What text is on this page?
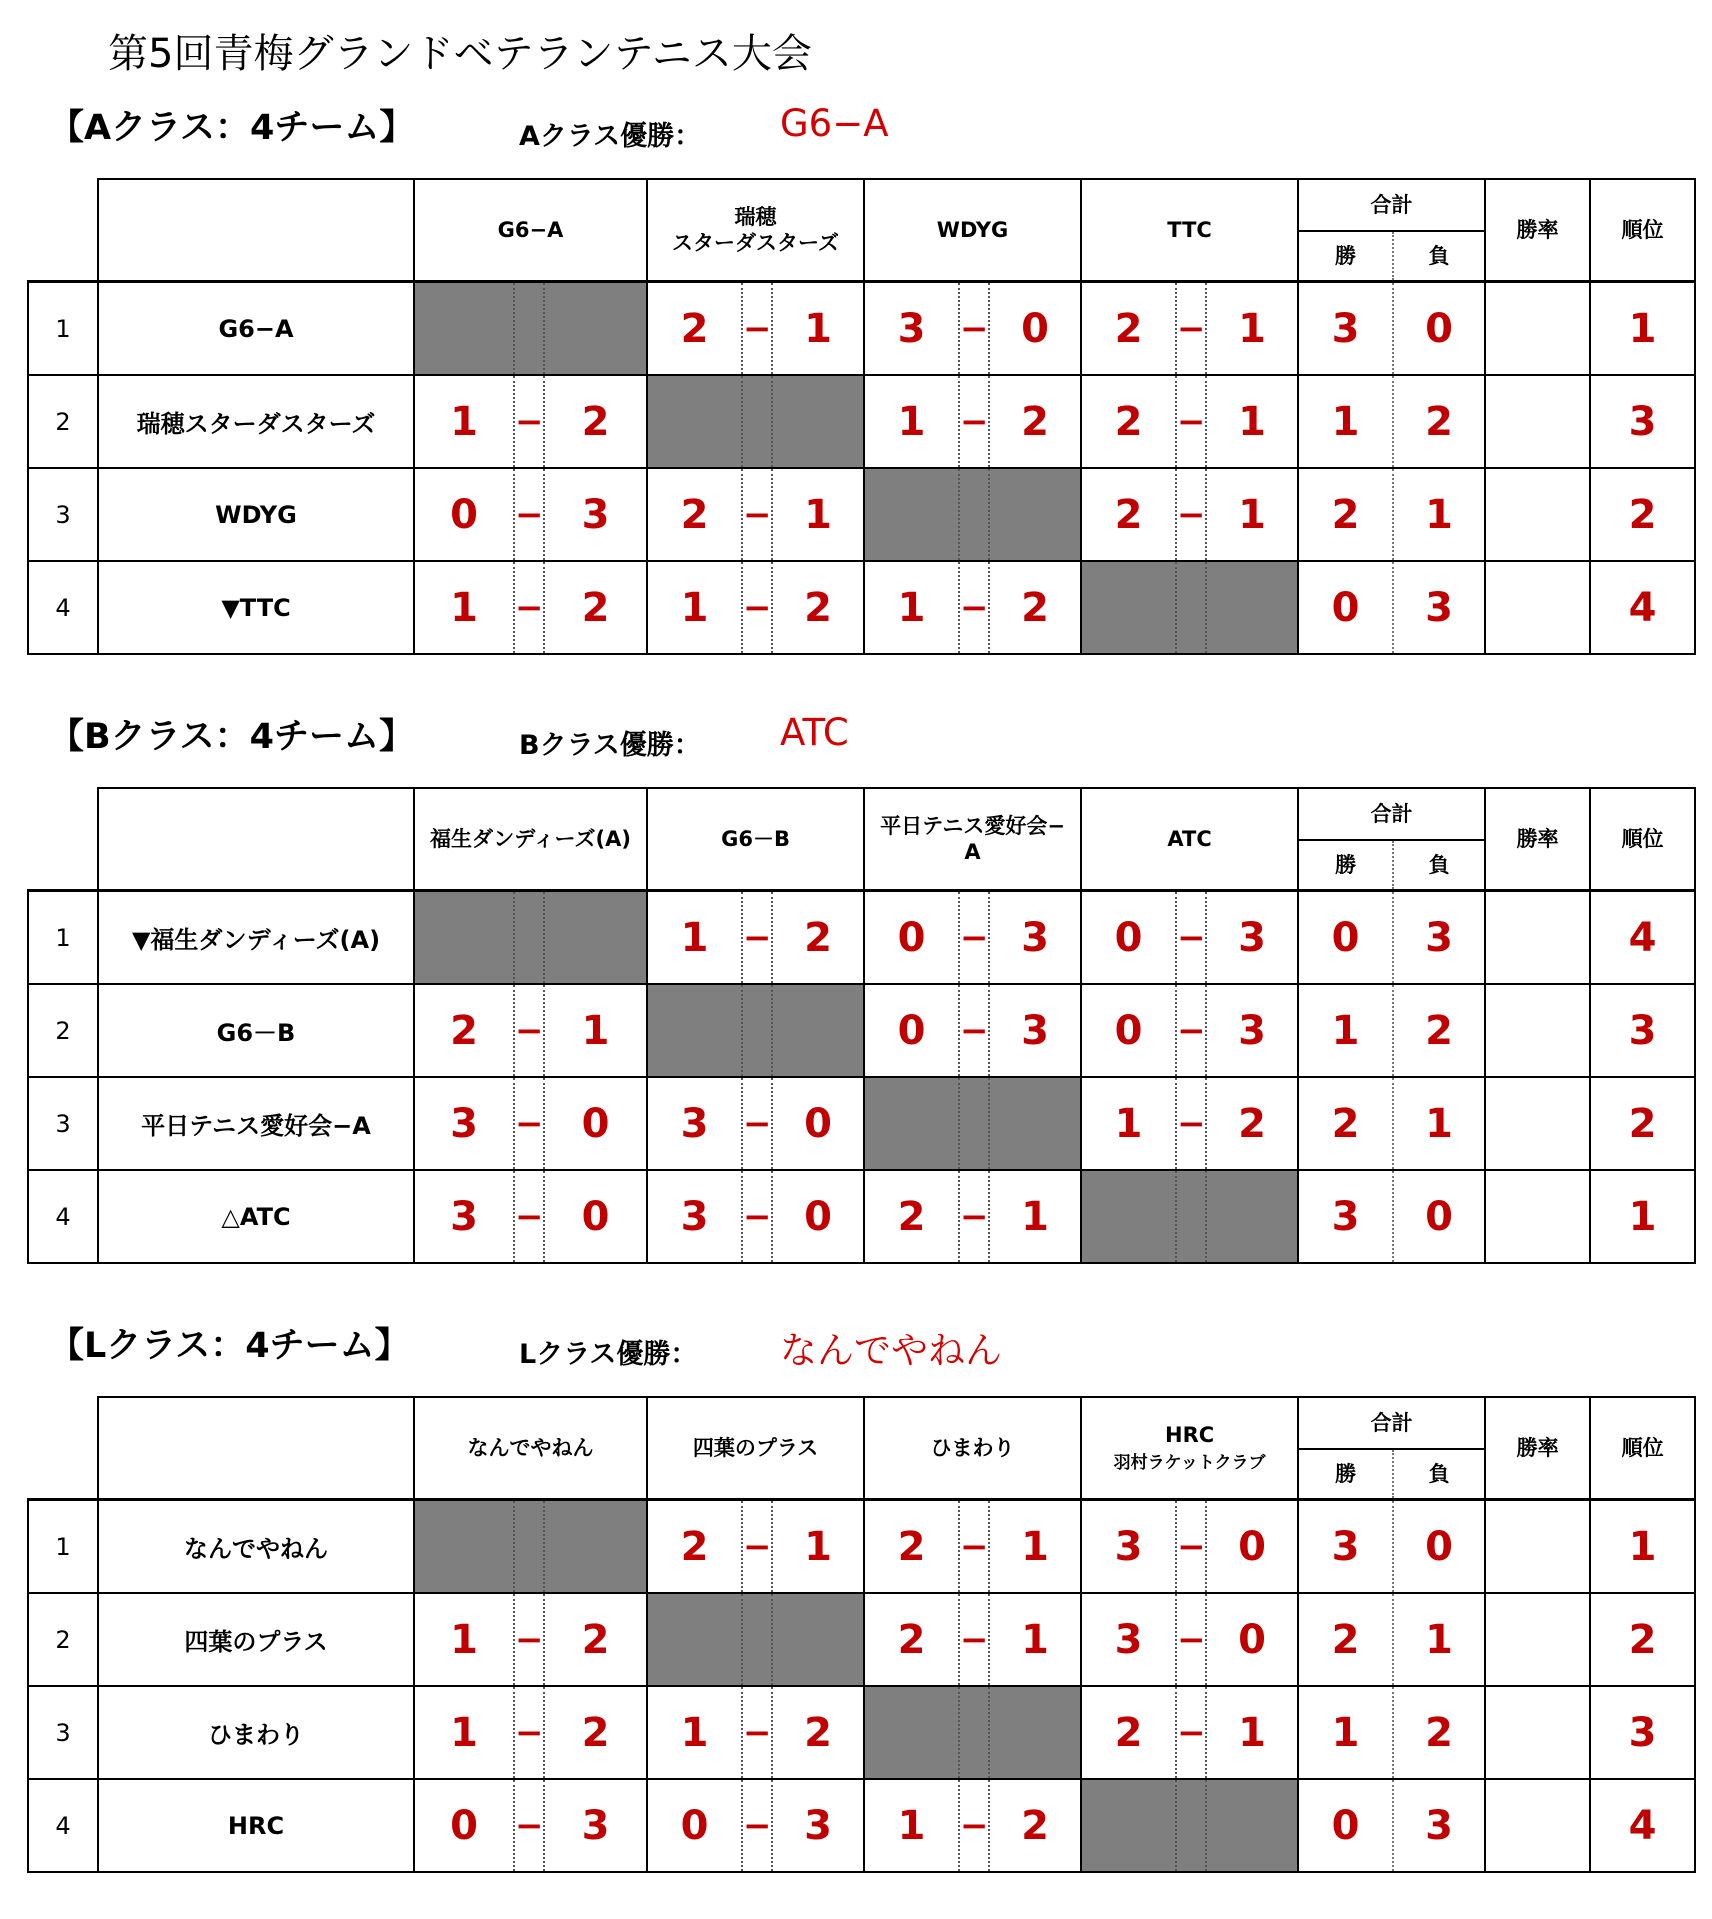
第5回青梅グランドベテランテニス大会
【Aクラス：4チーム】	Aクラス優勝： G6−A
		G6−A			瑞穂
スターダスターズ			WDYG			TTC			合計		勝率	順位
														勝	負		
1	G6−A				2	−	1	3	−	0	2	−	1	3	0		1
2	瑞穂スターダスターズ	1	−	2				1	−	2	2	−	1	1	2		3
3	WDYG	0	−	3	2	−	1				2	−	1	2	1		2
4	▼TTC	1	−	2	1	−	2	1	−	2				0	3		4
【Bクラス：4チーム】	Bクラス優勝： ATC
		福生ダンディーズ(A)			G6－B			平日テニス愛好会−
A			ATC			合計		勝率	順位
														勝	負		
1	▼福生ダンディーズ(A)				1	−	2	0	−	3	0	−	3	0	3		4
2	G6－B	2	−	1				0	−	3	0	−	3	1	2		3
3	平日テニス愛好会−A	3	−	0	3	−	0				1	−	2	2	1		2
4	△ATC	3	−	0	3	−	0	2	−	1				3	0		1
【Lクラス：4チーム】	Lクラス優勝： なんでやねん
		なんでやねん			四葉のプラス			ひまわり			HRC
羽村ラケットクラブ			合計		勝率	順位
														勝	負		
1	なんでやねん				2	−	1	2	−	1	3	−	0	3	0		1
2	四葉のプラス	1	−	2				2	−	1	3	−	0	2	1		2
3	ひまわり	1	−	2	1	−	2				2	−	1	1	2		3
4	HRC	0	−	3	0	−	3	1	−	2				0	3		4
